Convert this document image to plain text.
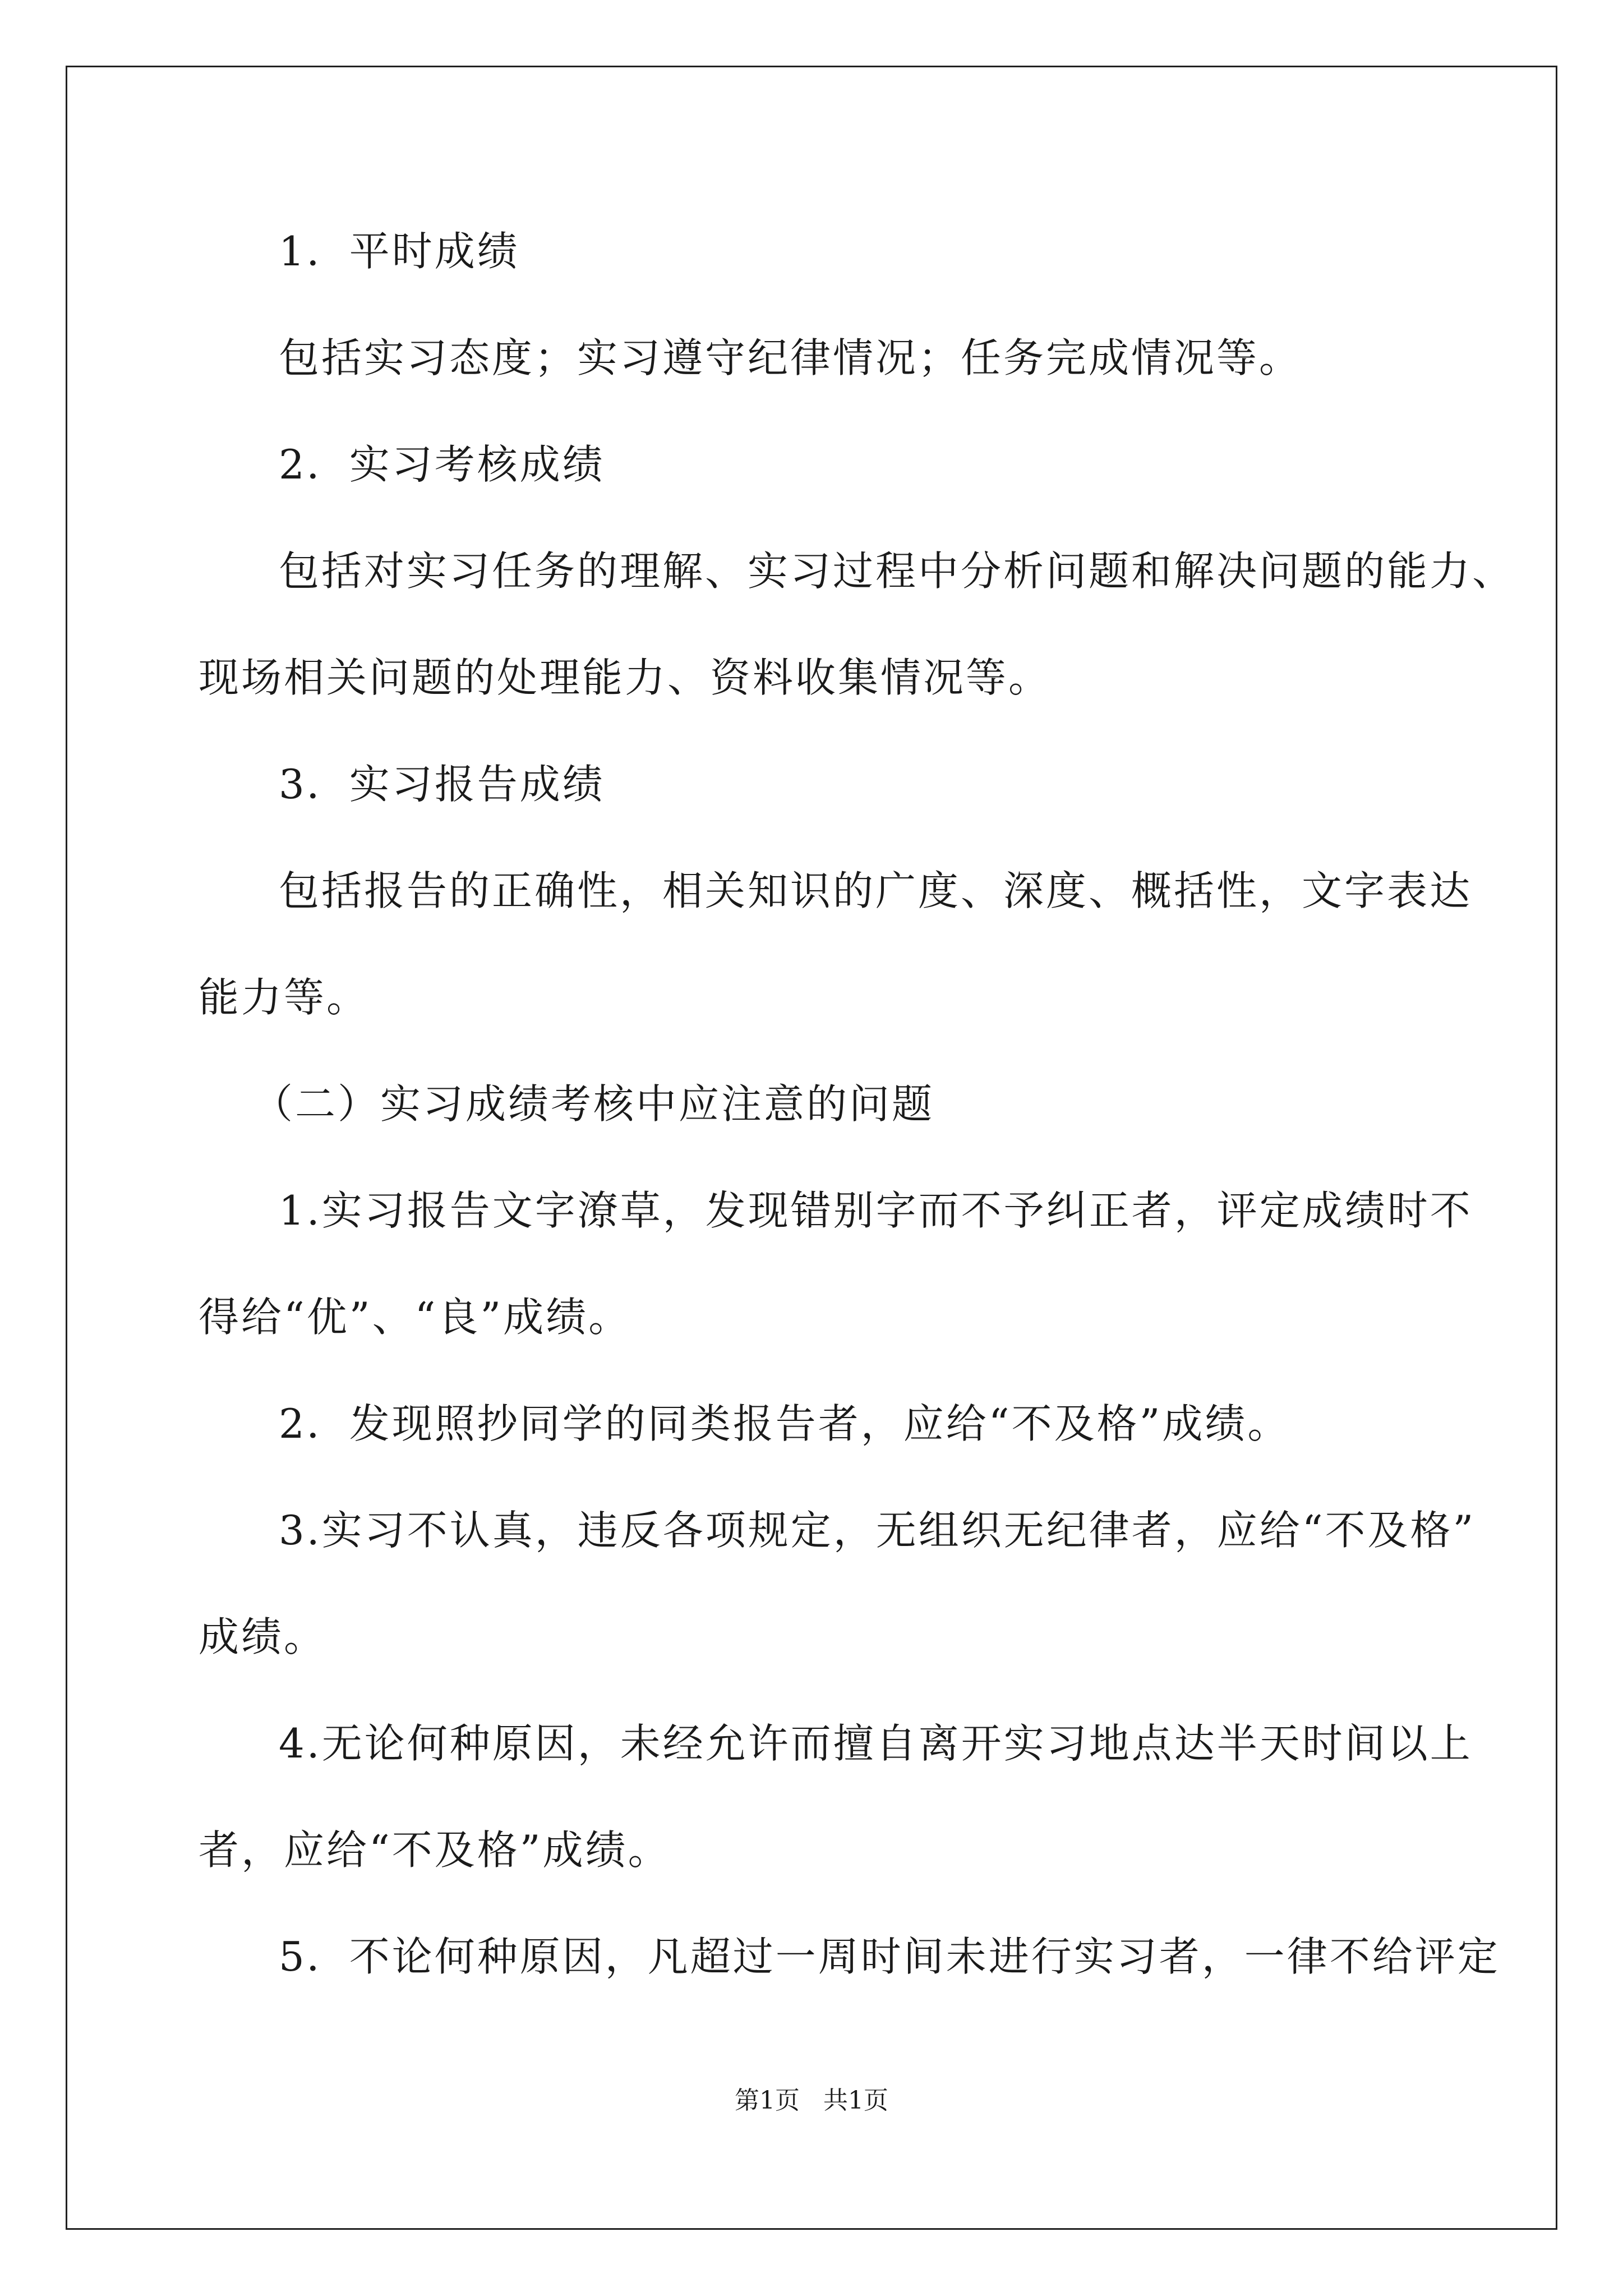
1．平时成绩
包括实习态度；实习遵守纪律情况；任务完成情况等。
2．实习考核成绩
包括对实习任务的理解、实习过程中分析问题和解决问题的能力、
现场相关问题的处理能力、资料收集情况等。
3．实习报告成绩
包括报告的正确性，相关知识的广度、深度、概括性，文字表达
能力等。
（二）实习成绩考核中应注意的问题
1.实习报告文字潦草，发现错别字而不予纠正者，评定成绩时不
得给“优”、“良”成绩。
2．发现照抄同学的同类报告者，应给“不及格”成绩。
3.实习不认真，违反各项规定，无组织无纪律者，应给“不及格”
成绩。
4.无论何种原因，未经允许而擅自离开实习地点达半天时间以上
者，应给“不及格”成绩。
5．不论何种原因，凡超过一周时间未进行实习者，一律不给评定
第1页 共1页
